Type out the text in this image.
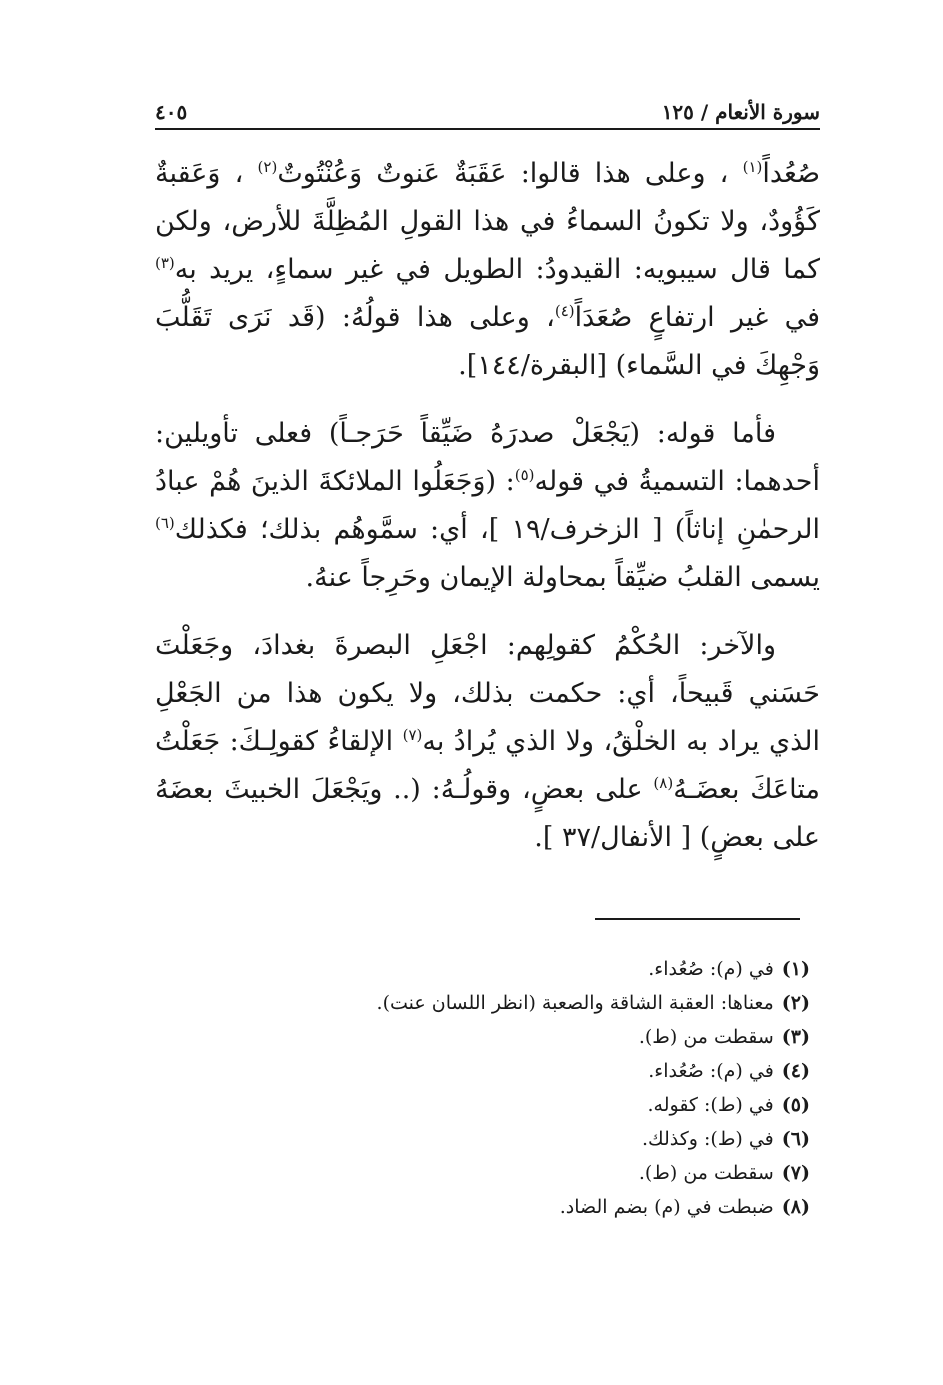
سورة الأنعام / ١٢٥
٤٠٥

صُعُداً$^{(١)}$ ، وعلى هذا قالوا: عَقَبَةٌ عَنوتٌ وَعُنْتُوتٌ$^{(٢)}$ ، وَعَقبةٌ كَؤُودٌ، ولا تكونُ السماءُ في هذا القولِ المُظِلَّةَ للأرض، ولكن كما قال سيبويه: القيدودُ: الطويل في غير سماءٍ، يريد به$^{(٣)}$ في غير ارتفاعٍ صُعَدَاً$^{(٤)}$، وعلى هذا قولُهُ: (قَد نَرَى تَقَلُّبَ وَجْهِكَ في السَّماء) [البقرة/١٤٤].

فأما قوله: (يَجْعَلْ صدرَهُ ضَيِّقاً حَرَجـاً) فعلى تأويلين: أحدهما: التسميةُ في قوله$^{(٥)}$: (وَجَعَلُوا الملائكةَ الذينَ هُمْ عبادُ الرحمٰنِ إناثاً) [ الزخرف/١٩ ]، أي: سمَّوهُم بذلك؛ فكذلك$^{(٦)}$ يسمى القلبُ ضيِّقاً بمحاولة الإيمان وحَرِجاً عنهُ.

والآخر: الحُكْمُ كقولِهم: اجْعَلِ البصرةَ بغدادَ، وجَعَلْتَ حَسَني قَبيحاً، أي: حكمت بذلك، ولا يكون هذا من الجَعْلِ الذي يراد به الخلْقُ، ولا الذي يُرادُ به$^{(٧)}$ الإلقاءُ كقولِـكَ: جَعَلْتُ متاعَكَ بعضَـهُ$^{(٨)}$ على بعضٍ، وقولُـهُ: (.. ويَجْعَلَ الخبيثَ بعضَهُ على بعضٍ) [ الأنفال/٣٧ ].

(١)في (م): صُعُداء.
(٢)معناها: العقبة الشاقة والصعبة (انظر اللسان عنت).
(٣)سقطت من (ط).
(٤)في (م): صُعُداء.
(٥)في (ط): كقوله.
(٦)في (ط): وكذلك.
(٧)سقطت من (ط).
(٨)ضبطت في (م) بضم الضاد.
